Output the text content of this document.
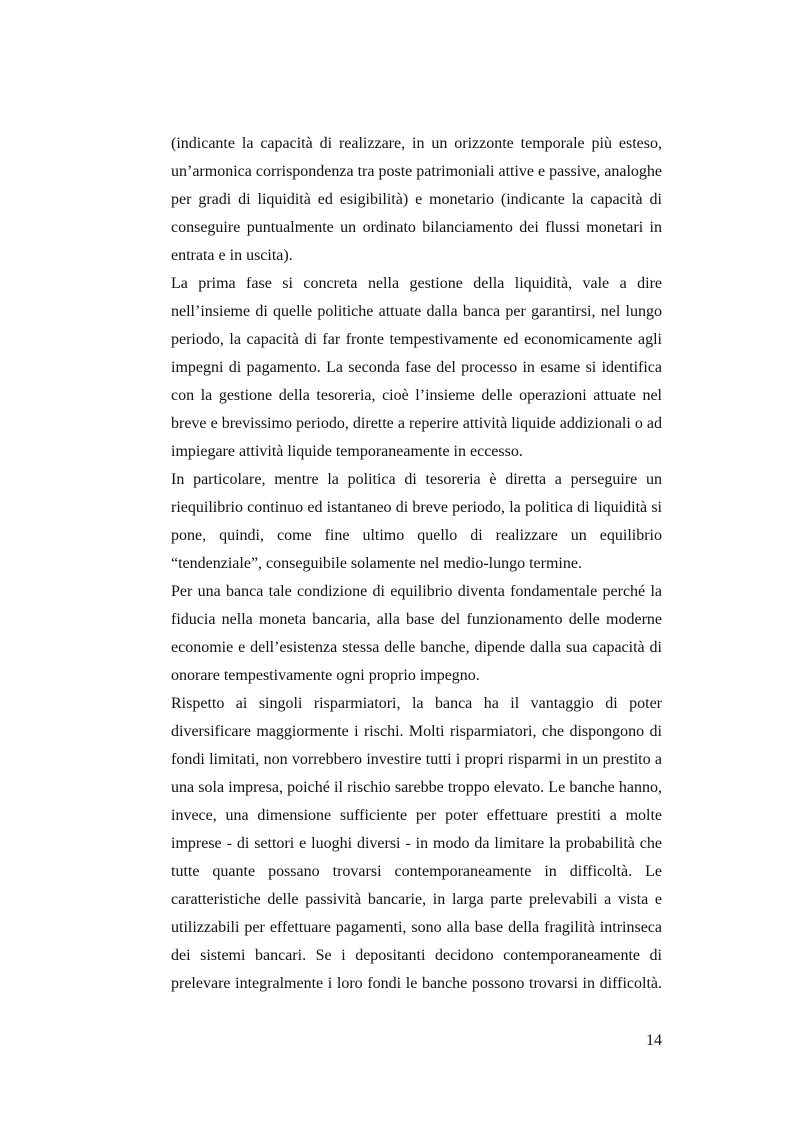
(indicante la capacità di realizzare, in un orizzonte temporale più esteso,
un’armonica corrispondenza tra poste patrimoniali attive e passive, analoghe
per gradi di liquidità ed esigibilità) e monetario (indicante la capacità di
conseguire puntualmente un ordinato bilanciamento dei flussi monetari in
entrata e in uscita).
La prima fase si concreta nella gestione della liquidità, vale a dire
nell’insieme di quelle politiche attuate dalla banca per garantirsi, nel lungo
periodo, la capacità di far fronte tempestivamente ed economicamente agli
impegni di pagamento. La seconda fase del processo in esame si identifica
con la gestione della tesoreria, cioè l’insieme delle operazioni attuate nel
breve e brevissimo periodo, dirette a reperire attività liquide addizionali o ad
impiegare attività liquide temporaneamente in eccesso.
In particolare, mentre la politica di tesoreria è diretta a perseguire un
riequilibrio continuo ed istantaneo di breve periodo, la politica di liquidità si
pone, quindi, come fine ultimo quello di realizzare un equilibrio
“tendenziale”, conseguibile solamente nel medio-lungo termine.
Per una banca tale condizione di equilibrio diventa fondamentale perché la
fiducia nella moneta bancaria, alla base del funzionamento delle moderne
economie e dell’esistenza stessa delle banche, dipende dalla sua capacità di
onorare tempestivamente ogni proprio impegno.
Rispetto ai singoli risparmiatori, la banca ha il vantaggio di poter
diversificare maggiormente i rischi. Molti risparmiatori, che dispongono di
fondi limitati, non vorrebbero investire tutti i propri risparmi in un prestito a
una sola impresa, poiché il rischio sarebbe troppo elevato. Le banche hanno,
invece, una dimensione sufficiente per poter effettuare prestiti a molte
imprese - di settori e luoghi diversi - in modo da limitare la probabilità che
tutte quante possano trovarsi contemporaneamente in difficoltà. Le
caratteristiche delle passività bancarie, in larga parte prelevabili a vista e
utilizzabili per effettuare pagamenti, sono alla base della fragilità intrinseca
dei sistemi bancari. Se i depositanti decidono contemporaneamente di
prelevare integralmente i loro fondi le banche possono trovarsi in difficoltà.
14
